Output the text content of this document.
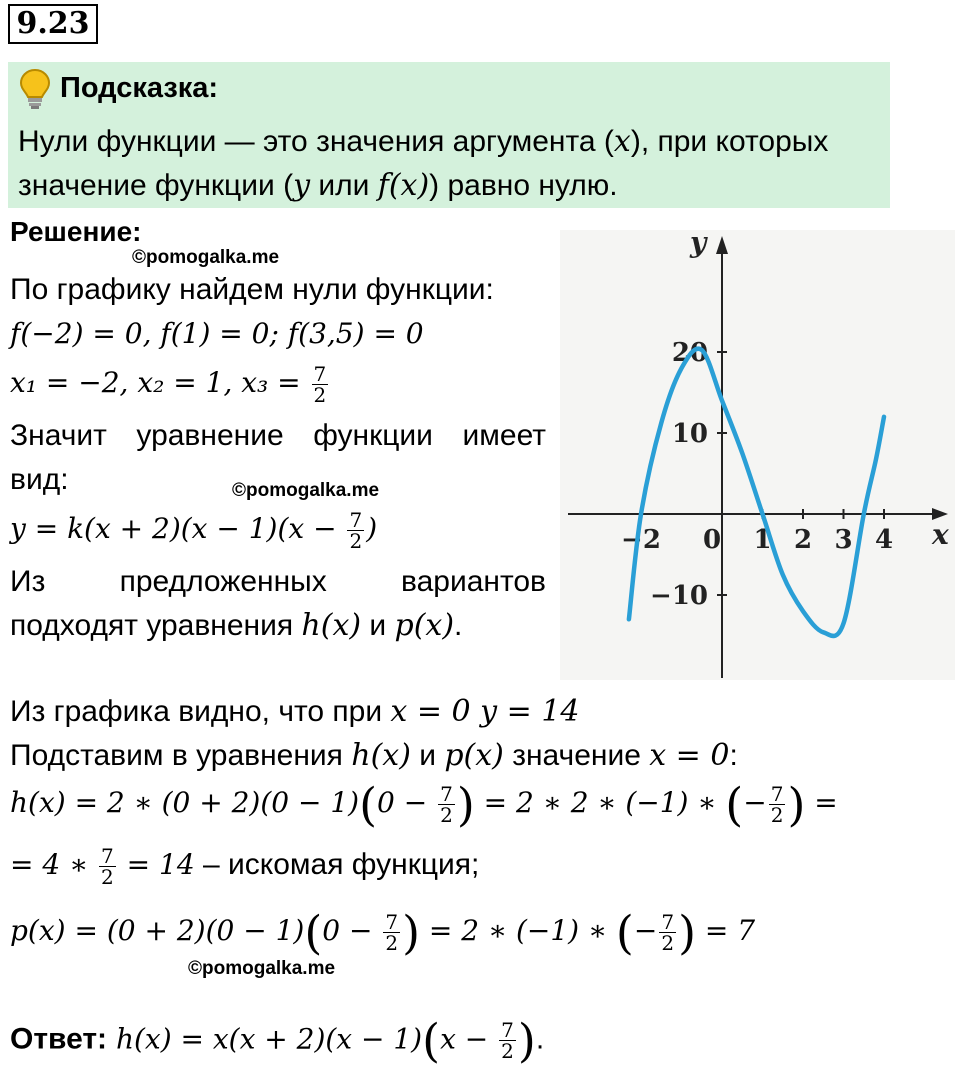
9.23
Подсказка:
Нули функции — это значения аргумента (x), при которых
значение функции (y или f(x)) равно нулю.
Решение:
©pomogalka.me
По графику найдем нули функции:
f(−2) = 0, f(1) = 0; f(3,5) = 0
x₁ = −2, x₂ = 1, $x_3 = \frac{7}{2}$
Значит уравнение функции имеет
вид:	©pomogalka.me
$y = k(x + 2)(x - 1)(x - \frac{7}{2}$ )
Из предложенных вариантов
подходят уравнения h(x) и p(x).
−2 0 1 2 3 4
20
10
−10
x
y
Из графика видно, что при x = 0 y = 14
Подставим в уравнения h(x) и p(x) значение x = 0:
h(x) = 2 ∗ $(0 + 2)(0 - 1)(0 - \frac{7}{2}$ ) = 2 ∗ 2 ∗ (−1) ∗ (− $\frac{7}{2}$ ) =
= 4 ∗ $\frac{7}{2} = 14$ – искомая функция;
$p(x) = (0 + 2)(0 - 1)(0 - \frac{7}{2}$ ) = 2 ∗ (−1) ∗ (− $\frac{7}{2}$ ) = 7
©pomogalka.me
Ответ: $h(x) = x(x + 2)(x - 1)(x - \frac{7}{2}$ ).
